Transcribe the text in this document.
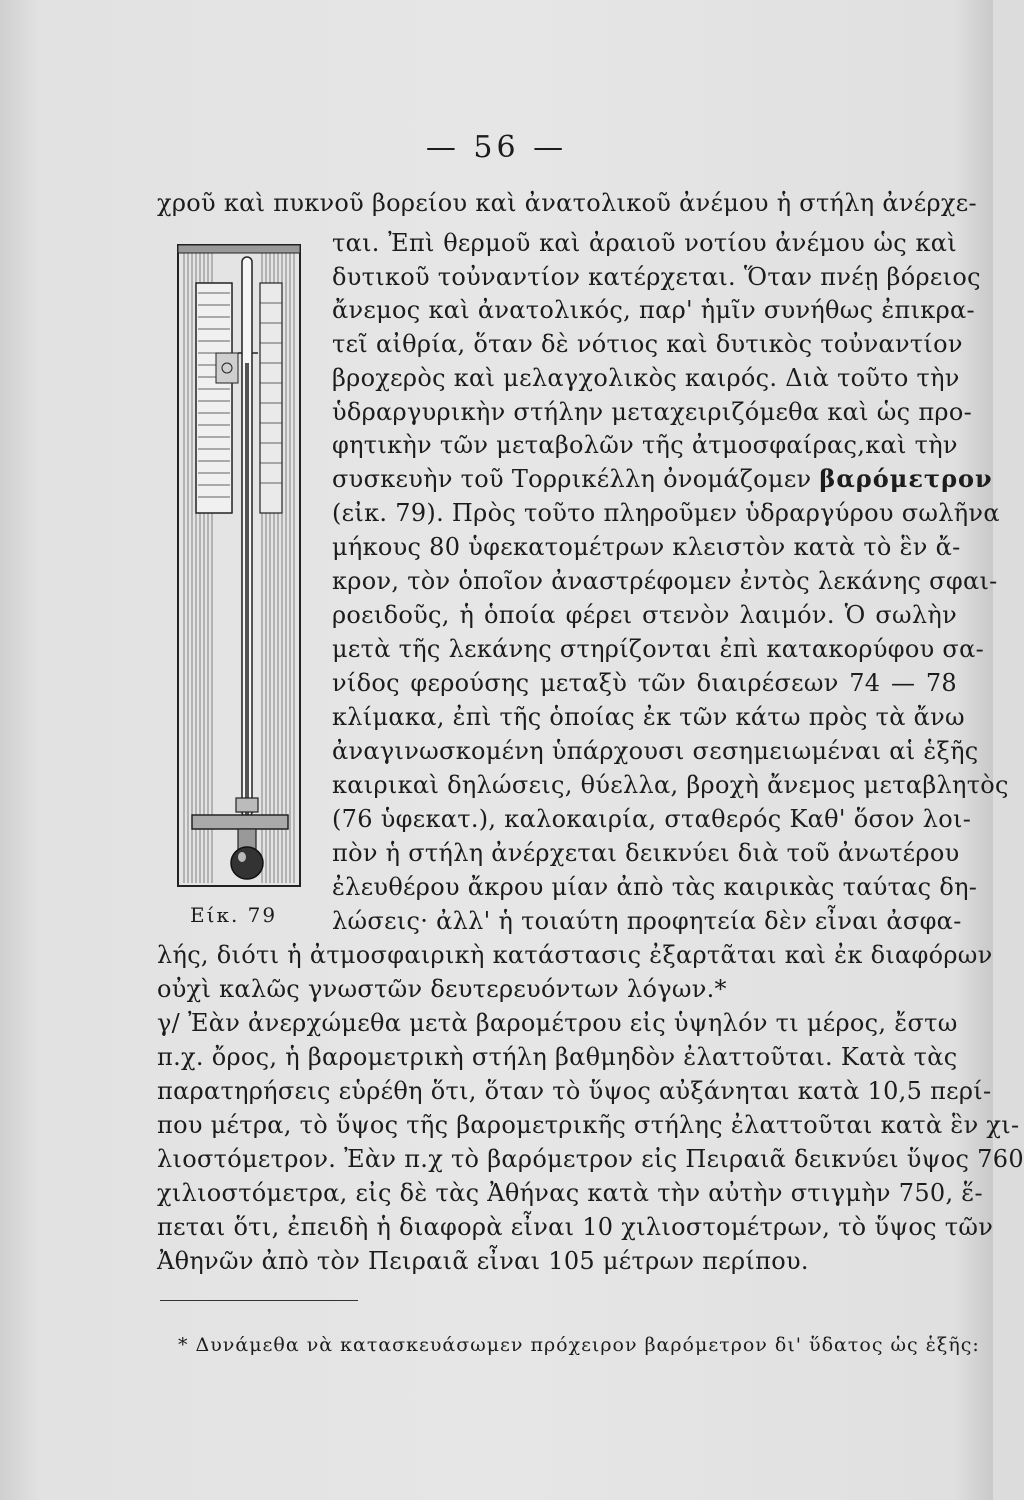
— 56 —
Είκ. 79
χροῦ καὶ πυκνοῦ βορείου καὶ ἀνατολικοῦ ἀνέμου ἡ στήλη ἀνέρχε-
ται. Ἐπὶ θερμοῦ καὶ ἀραιοῦ νοτίου ἀνέμου ὡς καὶ
δυτικοῦ τοὐναντίον κατέρχεται. Ὅταν πνέῃ βόρειος
ἄνεμος καὶ ἀνατολικός, παρ' ἡμῖν συνήθως ἐπικρα-
τεῖ αἰθρία, ὅταν δὲ νότιος καὶ δυτικὸς τοὐναντίον
βροχερὸς καὶ μελαγχολικὸς καιρός. Διὰ τοῦτο τὴν
ὑδραργυρικὴν στήλην μεταχειριζόμεθα καὶ ὡς προ-
φητικὴν τῶν μεταβολῶν τῆς ἀτμοσφαίρας,καὶ τὴν
συσκευὴν τοῦ Τορρικέλλη ὀνομάζομεν βαρόμετρον
(εἰκ. 79). Πρὸς τοῦτο πληροῦμεν ὑδραργύρου σωλῆνα
μήκους 80 ὑφεκατομέτρων κλειστὸν κατὰ τὸ ἓν ἄ-
κρον, τὸν ὁποῖον ἀναστρέφομεν ἐντὸς λεκάνης σφαι-
ροειδοῦς, ἡ ὁποία φέρει στενὸν λαιμόν. Ὁ σωλὴν
μετὰ τῆς λεκάνης στηρίζονται ἐπὶ κατακορύφου σα-
νίδος φερούσης μεταξὺ τῶν διαιρέσεων 74 — 78
κλίμακα, ἐπὶ τῆς ὁποίας ἐκ τῶν κάτω πρὸς τὰ ἄνω
ἀναγινωσκομένη ὑπάρχουσι σεσημειωμέναι αἱ ἑξῆς
καιρικαὶ δηλώσεις, θύελλα, βροχὴ ἄνεμος μεταβλητὸς
(76 ὑφεκατ.), καλοκαιρία, σταθερός Καθ' ὅσον λοι-
πὸν ἡ στήλη ἀνέρχεται δεικνύει διὰ τοῦ ἀνωτέρου
ἐλευθέρου ἄκρου μίαν ἀπὸ τὰς καιρικὰς ταύτας δη-
λώσεις· ἀλλ' ἡ τοιαύτη προφητεία δὲν εἶναι ἀσφα-
λής, διότι ἡ ἀτμοσφαιρικὴ κατάστασις ἐξαρτᾶται καὶ ἐκ διαφόρων
οὐχὶ καλῶς γνωστῶν δευτερευόντων λόγων.*
γ/ Ἐὰν ἀνερχώμεθα μετὰ βαρομέτρου εἰς ὑψηλόν τι μέρος, ἔστω
π.χ. ὄρος, ἡ βαρομετρικὴ στήλη βαθμηδὸν ἐλαττοῦται. Κατὰ τὰς
παρατηρήσεις εὑρέθη ὅτι, ὅταν τὸ ὕψος αὐξάνηται κατὰ 10,5 περί-
που μέτρα, τὸ ὕψος τῆς βαρομετρικῆς στήλης ἐλαττοῦται κατὰ ἓν χι-
λιοστόμετρον. Ἐὰν π.χ τὸ βαρόμετρον εἰς Πειραιᾶ δεικνύει ὕψος 760
χιλιοστόμετρα, εἰς δὲ τὰς Ἀθήνας κατὰ τὴν αὐτὴν στιγμὴν 750, ἕ-
πεται ὅτι, ἐπειδὴ ἡ διαφορὰ εἶναι 10 χιλιοστομέτρων, τὸ ὕψος τῶν
Ἀθηνῶν ἀπὸ τὸν Πειραιᾶ εἶναι 105 μέτρων περίπου.
* Δυνάμεθα νὰ κατασκευάσωμεν πρόχειρον βαρόμετρον δι' ὕδατος ὡς ἑξῆς:
